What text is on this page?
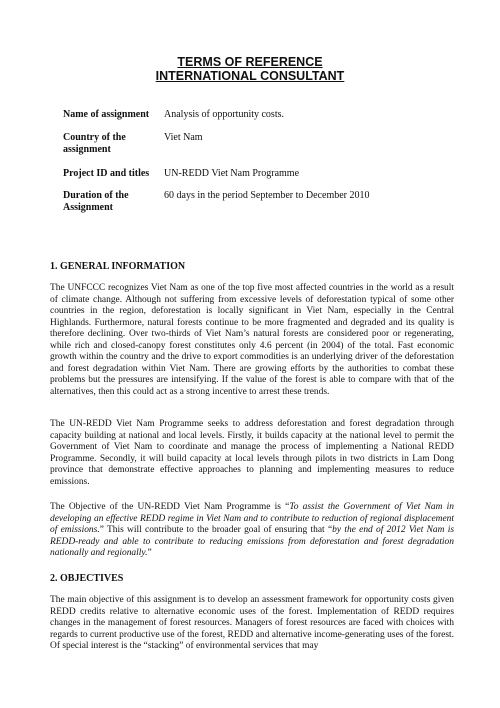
TERMS OF REFERENCE
INTERNATIONAL CONSULTANT
Name of assignment	Analysis of opportunity costs.
Country of the assignment
Viet Nam
Project ID and titles	UN-REDD Viet Nam Programme
Duration of the Assignment
60 days in the period September to December 2010
1. GENERAL INFORMATION
The UNFCCC recognizes Viet Nam as one of the top five most affected countries in the world as a result of climate change. Although not suffering from excessive levels of deforestation typical of some other countries in the region, deforestation is locally significant in Viet Nam, especially in the Central Highlands. Furthermore, natural forests continue to be more fragmented and degraded and its quality is therefore declining. Over two-thirds of Viet Nam’s natural forests are considered poor or regenerating, while rich and closed-canopy forest constitutes only 4.6 percent (in 2004) of the total. Fast economic growth within the country and the drive to export commodities is an underlying driver of the deforestation and forest degradation within Viet Nam. There are growing efforts by the authorities to combat these problems but the pressures are intensifying. If the value of the forest is able to compare with that of the alternatives, then this could act as a strong incentive to arrest these trends.
The UN-REDD Viet Nam Programme seeks to address deforestation and forest degradation through capacity building at national and local levels. Firstly, it builds capacity at the national level to permit the Government of Viet Nam to coordinate and manage the process of implementing a National REDD Programme. Secondly, it will build capacity at local levels through pilots in two districts in Lam Dong province that demonstrate effective approaches to planning and implementing measures to reduce emissions.
The Objective of the UN-REDD Viet Nam Programme is “To assist the Government of Viet Nam in developing an effective REDD regime in Viet Nam and to contribute to reduction of regional displacement of emissions.” This will contribute to the broader goal of ensuring that “by the end of 2012 Viet Nam is REDD-ready and able to contribute to reducing emissions from deforestation and forest degradation nationally and regionally.”
2. OBJECTIVES
The main objective of this assignment is to develop an assessment framework for opportunity costs given REDD credits relative to alternative economic uses of the forest. Implementation of REDD requires changes in the management of forest resources. Managers of forest resources are faced with choices with regards to current productive use of the forest, REDD and alternative income-generating uses of the forest. Of special interest is the “stacking” of environmental services that may
